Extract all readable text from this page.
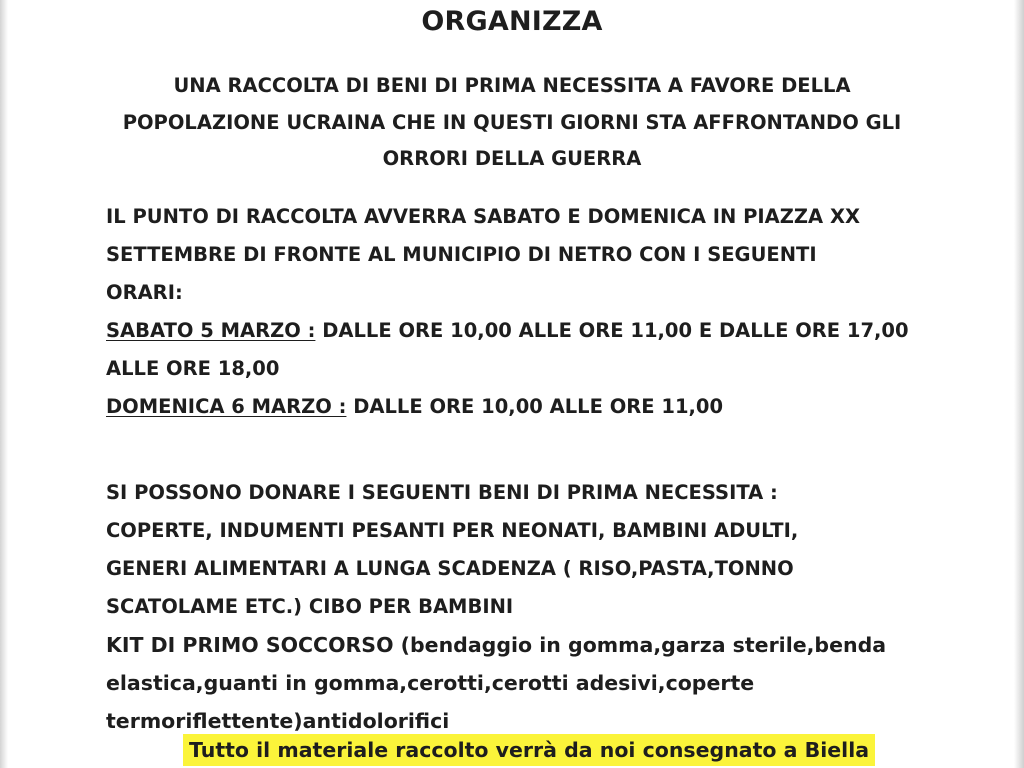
ORGANIZZA
UNA RACCOLTA DI BENI DI PRIMA NECESSITA A FAVORE DELLA
POPOLAZIONE UCRAINA CHE IN QUESTI GIORNI STA AFFRONTANDO GLI
ORRORI DELLA GUERRA
IL PUNTO DI RACCOLTA AVVERRA SABATO E DOMENICA IN PIAZZA XX
SETTEMBRE DI FRONTE AL MUNICIPIO DI NETRO CON I SEGUENTI
ORARI:
SABATO 5 MARZO : DALLE ORE 10,00 ALLE ORE 11,00 E DALLE ORE 17,00
ALLE ORE 18,00
DOMENICA 6 MARZO : DALLE ORE 10,00 ALLE ORE 11,00
SI POSSONO DONARE I SEGUENTI BENI DI PRIMA NECESSITA :
COPERTE, INDUMENTI PESANTI PER NEONATI, BAMBINI ADULTI,
GENERI ALIMENTARI A LUNGA SCADENZA ( RISO,PASTA,TONNO
SCATOLAME ETC.) CIBO PER BAMBINI
KIT DI PRIMO SOCCORSO (bendaggio in gomma,garza sterile,benda
elastica,guanti in gomma,cerotti,cerotti adesivi,coperte
termoriflettente)antidolorifici
Tutto il materiale raccolto verrà da noi consegnato a Biella
